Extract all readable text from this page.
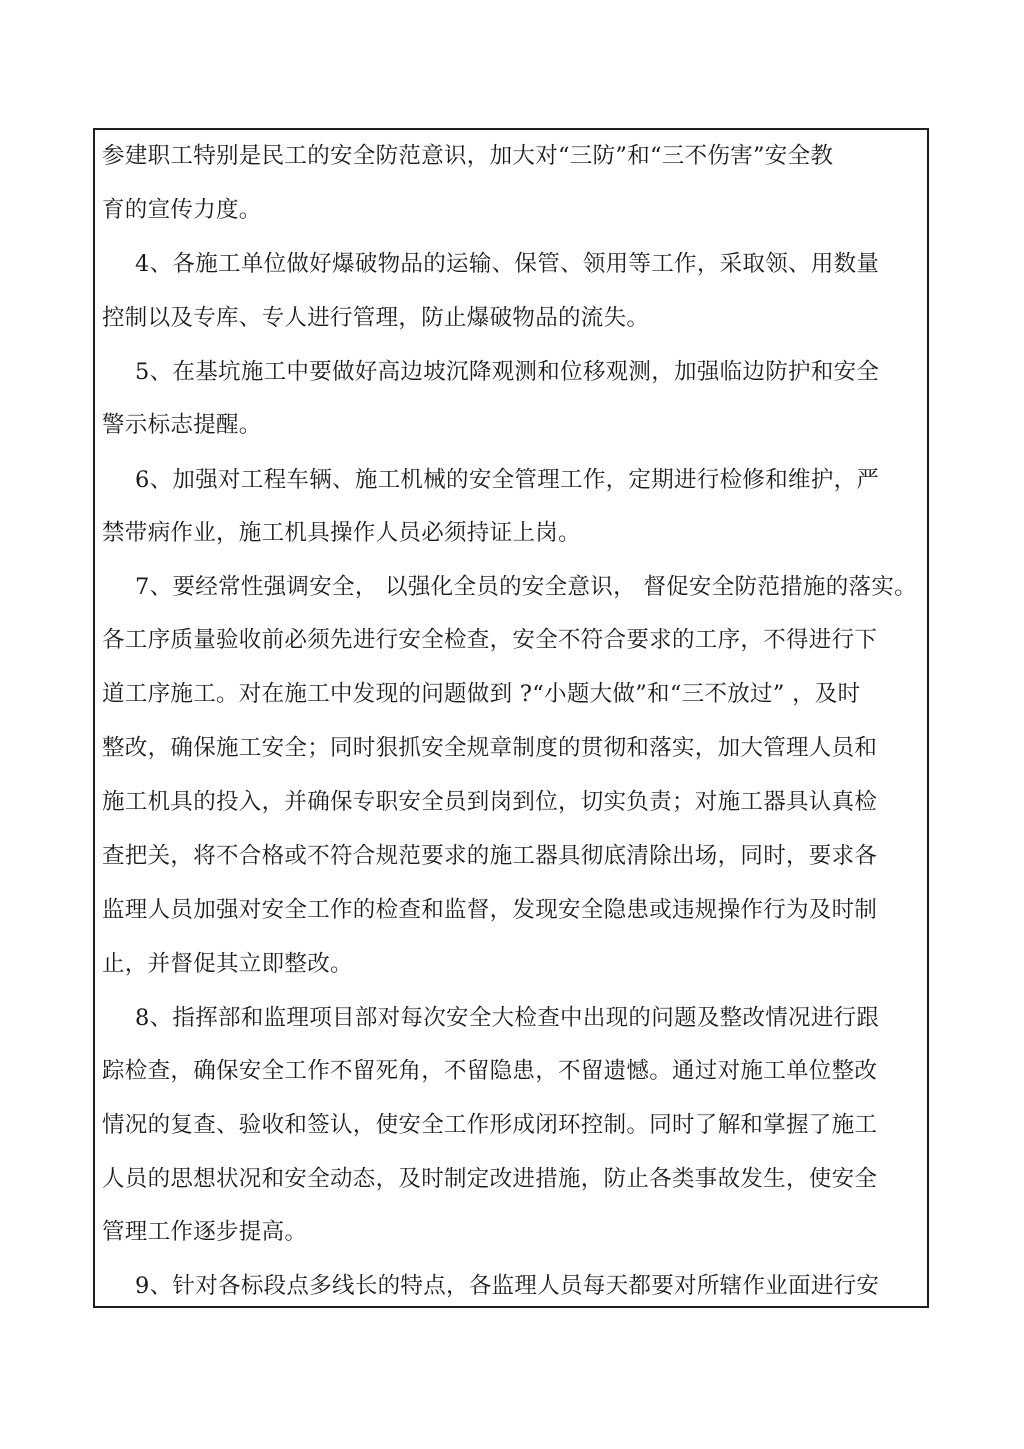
参建职工特别是民工的安全防范意识，加大对“三防”和“三不伤害”安全教
育的宣传力度。
4、各施工单位做好爆破物品的运输、保管、领用等工作，采取领、用数量
控制以及专库、专人进行管理，防止爆破物品的流失。
5、在基坑施工中要做好高边坡沉降观测和位移观测，加强临边防护和安全
警示标志提醒。
6、加强对工程车辆、施工机械的安全管理工作，定期进行检修和维护，严
禁带病作业，施工机具操作人员必须持证上岗。
7、要经常性强调安全， 以强化全员的安全意识， 督促安全防范措施的落实。
各工序质量验收前必须先进行安全检查，安全不符合要求的工序，不得进行下
道工序施工。对在施工中发现的问题做到 ?“小题大做”和“三不放过” ，及时
整改，确保施工安全；同时狠抓安全规章制度的贯彻和落实，加大管理人员和
施工机具的投入，并确保专职安全员到岗到位，切实负责；对施工器具认真检
查把关，将不合格或不符合规范要求的施工器具彻底清除出场，同时，要求各
监理人员加强对安全工作的检查和监督，发现安全隐患或违规操作行为及时制
止，并督促其立即整改。
8、指挥部和监理项目部对每次安全大检查中出现的问题及整改情况进行跟
踪检查，确保安全工作不留死角，不留隐患，不留遗憾。通过对施工单位整改
情况的复查、验收和签认，使安全工作形成闭环控制。同时了解和掌握了施工
人员的思想状况和安全动态，及时制定改进措施，防止各类事故发生，使安全
管理工作逐步提高。
9、针对各标段点多线长的特点，各监理人员每天都要对所辖作业面进行安
